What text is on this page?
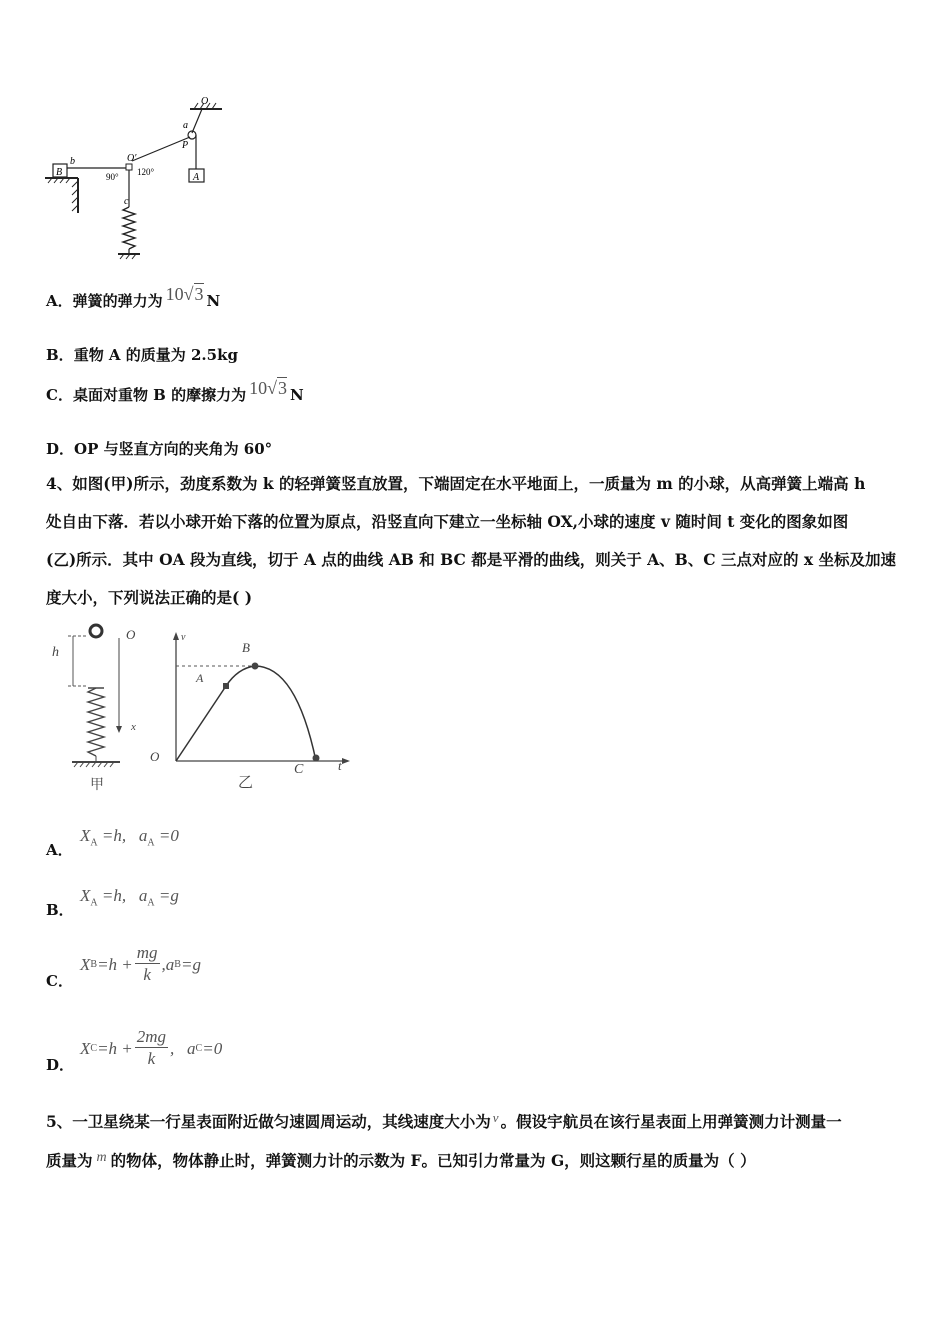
O
a
P
A
B
b	O′
90° 120°
c
A．弹簧的弹力为 10√3 N
B．重物 A 的质量为 2.5kg
C．桌面对重物 B 的摩擦力为 10√3 N
D．OP 与竖直方向的夹角为 60°
4、如图(甲)所示，劲度系数为 k 的轻弹簧竖直放置，下端固定在水平地面上，一质量为 m 的小球，从高弹簧上端高 h
处自由下落．若以小球开始下落的位置为原点，沿竖直向下建立一坐标轴 OX,小球的速度 v 随时间 t 变化的图象如图
(乙)所示．其中 OA 段为直线，切于 A 点的曲线 AB 和 BC 都是平滑的曲线，则关于 A、B、C 三点对应的 x 坐标及加速
度大小，下列说法正确的是( )
O
x
h
甲
v
t
O
A
B
C
乙
A．
$X_A =h$, $a_A =0$
B．
$X_A =h$, $a_A =g$
C．
X $B =h + \frac{mg}{k}$ , a B =g
D．
X $C =h + \frac{2mg}{k}$ ,
a C =0
5、一卫星绕某一行星表面附近做匀速圆周运动，其线速度大小为 $^v$ 。假设宇航员在该行星表面上用弹簧测力计测量一
质量为 m 的物体，物体静止时，弹簧测力计的示数为 F。已知引力常量为 G，则这颗行星的质量为（ ）
